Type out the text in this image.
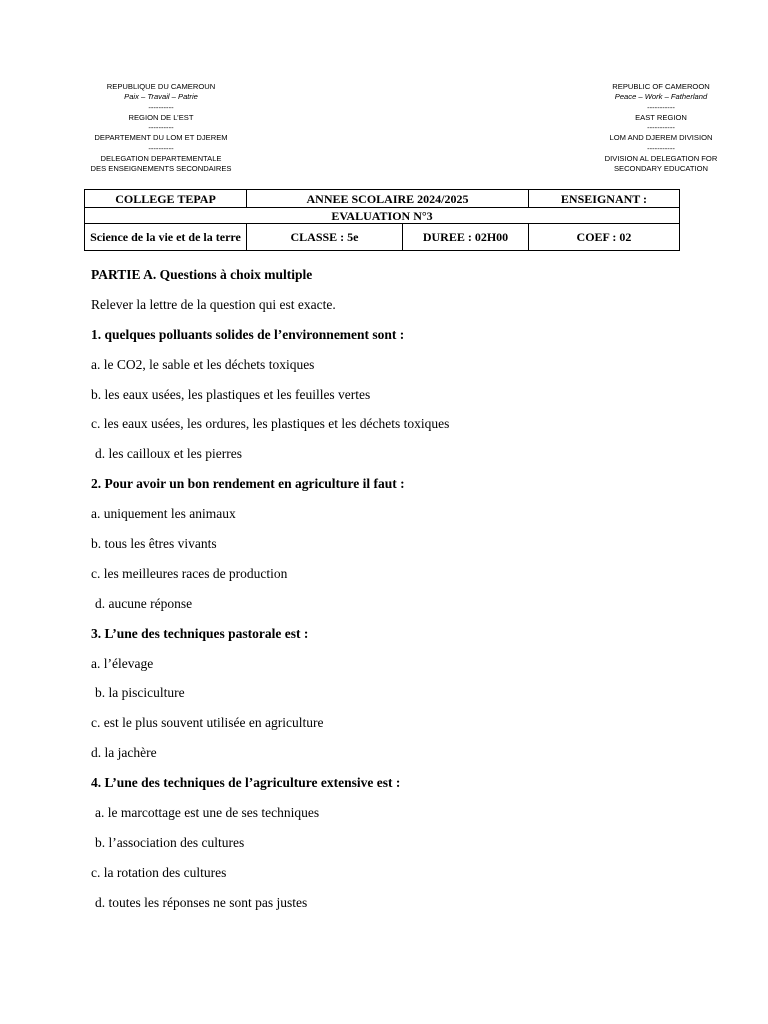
REPUBLIQUE DU CAMEROUN
Paix – Travail – Patrie
----------
REGION DE L’EST
----------
DEPARTEMENT DU LOM ET DJEREM
----------
DELEGATION DEPARTEMENTALE
DES ENSEIGNEMENTS SECONDAIRES
REPUBLIC OF CAMEROON
Peace – Work – Fatherland
-----------
EAST REGION
-----------
LOM AND DJEREM DIVISION
-----------
DIVISION AL DELEGATION FOR
SECONDARY EDUCATION
COLLEGE TEPAP	ANNEE SCOLAIRE 2024/2025		ENSEIGNANT :
EVALUATION N°3			
Science de la vie et de la terre	CLASSE : 5e	DUREE : 02H00	COEF : 02

PARTIE A. Questions à choix multiple

Relever la lettre de la question qui est exacte.

1. quelques polluants solides de l’environnement sont :

a. le CO2, le sable et les déchets toxiques

b. les eaux usées, les plastiques et les feuilles vertes

c. les eaux usées, les ordures, les plastiques et les déchets toxiques

d. les cailloux et les pierres

2. Pour avoir un bon rendement en agriculture il faut :

a. uniquement les animaux

b. tous les êtres vivants

c. les meilleures races de production

d. aucune réponse

3. L’une des techniques pastorale est :

a. l’élevage

b. la pisciculture

c. est le plus souvent utilisée en agriculture

d. la jachère

4. L’une des techniques de l’agriculture extensive est :

a. le marcottage est une de ses techniques

b. l’association des cultures

c. la rotation des cultures

d. toutes les réponses ne sont pas justes
